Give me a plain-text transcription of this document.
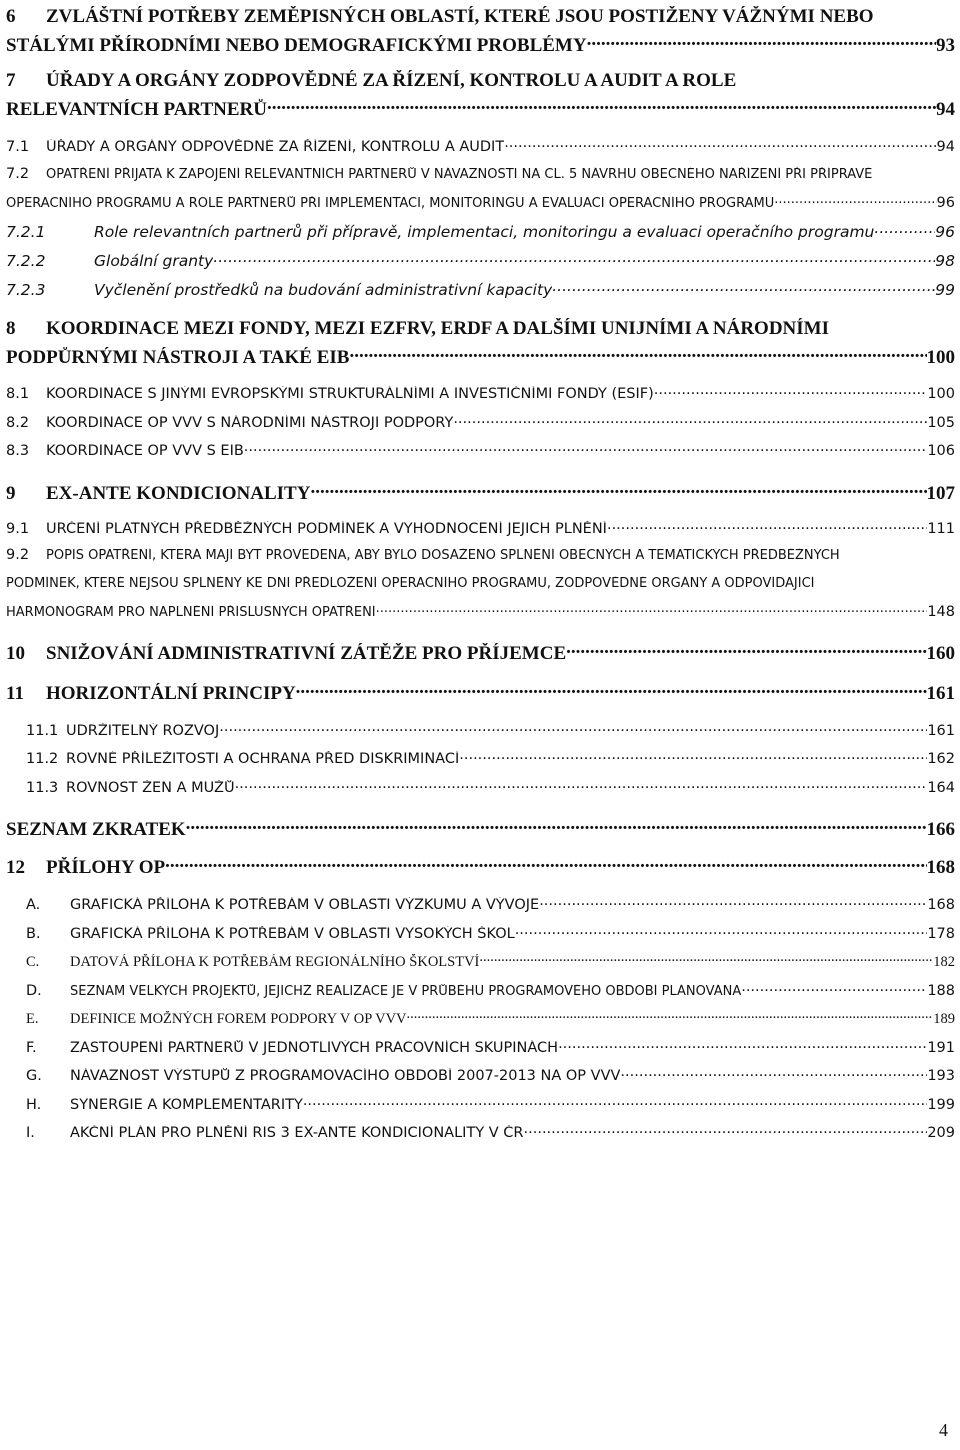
6	ZVLÁŠTNÍ POTŘEBY ZEMĚPISNÝCH OBLASTÍ, KTERÉ JSOU POSTIŽENY VÁŽNÝMI NEBO
STÁLÝMI PŘÍRODNÍMI NEBO DEMOGRAFICKÝMI PROBLÉMY .....	93
7	ÚŘADY A ORGÁNY ZODPOVĚDNÉ ZA ŘÍZENÍ, KONTROLU A AUDIT A ROLE
RELEVANTNÍCH PARTNERŮ .....	94
7.1	ÚŘADY A ORGÁNY ODPOVĚDNÉ ZA ŘÍZENÍ, KONTROLU A AUDIT .....	94
7.2	OPATŘENÍ PŘIJATÁ K ZAPOJENÍ RELEVANTNÍCH PARTNERŮ V NÁVAZNOSTI NA ČL. 5 NÁVRHU OBECNÉHO NAŘÍZENÍ PŘI PŘÍPRAVĚ
OPERAČNÍHO PROGRAMU A ROLE PARTNERŮ PŘI IMPLEMENTACI, MONITORINGU A EVALUACI OPERAČNÍHO PROGRAMU .....	96
7.2.1	Role relevantních partnerů při přípravě, implementaci, monitoringu a evaluaci operačního programu .....	96
7.2.2	Globální granty .....	98
7.2.3	Vyčlenění prostředků na budování administrativní kapacity .....	99
8	KOORDINACE MEZI FONDY, MEZI EZFRV, ERDF A DALŠÍMI UNIJNÍMI A NÁRODNÍMI
PODPŮRNÝMI NÁSTROJI A TAKÉ EIB .....	100
8.1	KOORDINACE S JINÝMI EVROPSKÝMI STRUKTURÁLNÍMI A INVESTIČNÍMI FONDY (ESIF) .....	100
8.2	KOORDINACE OP VVV S NÁRODNÍMI NÁSTROJI PODPORY .....	105
8.3	KOORDINACE OP VVV S EIB .....	106
9	EX-ANTE KONDICIONALITY .....	107
9.1	URČENÍ PLATNÝCH PŘEDBĚŽNÝCH PODMÍNEK A VYHODNOCENÍ JEJICH PLNĚNÍ .....	111
9.2	POPIS OPATŘENÍ, KTERÁ MAJÍ BÝT PROVEDENA, ABY BYLO DOSAŽENO SPLNĚNÍ OBECNÝCH A TEMATICKÝCH PŘEDBĚŽNÝCH
PODMÍNEK, KTERÉ NEJSOU SPLNĚNY KE DNI PŘEDLOŽENÍ OPERAČNÍHO PROGRAMU, ZODPOVĚDNÉ ORGÁNY A ODPOVÍDAJÍCÍ
HARMONOGRAM PRO NAPLNĚNÍ PŘÍSLUŠNÝCH OPATŘENÍ .....	148
10	SNIŽOVÁNÍ ADMINISTRATIVNÍ ZÁTĚŽE PRO PŘÍJEMCE .....	160
11	HORIZONTÁLNÍ PRINCIPY .....	161
11.1 UDRŽITELNÝ ROZVOJ .....	161
11.2 ROVNÉ PŘÍLEŽITOSTI A OCHRANA PŘED DISKRIMINACÍ .....	162
11.3 ROVNOST ŽEN A MUŽŮ .....	164
SEZNAM ZKRATEK .....	166
12	PŘÍLOHY OP .....	168
A.	GRAFICKÁ PŘÍLOHA K POTŘEBÁM V OBLASTI VÝZKUMU A VÝVOJE .....	168
B.	GRAFICKÁ PŘÍLOHA K POTŘEBÁM V OBLASTI VYSOKÝCH ŠKOL .....	178
C.	DATOVÁ PŘÍLOHA K POTŘEBÁM REGIONÁLNÍHO ŠKOLSTVÍ .....	182
D.	SEZNAM VELKÝCH PROJEKTŮ, JEJICHŽ REALIZACE JE V PRŮBĚHU PROGRAMOVÉHO OBDOBÍ PLÁNOVÁNA .....	188
E.	DEFINICE MOŽNÝCH FOREM PODPORY V OP VVV .....	189
F.	ZASTOUPENÍ PARTNERŮ V JEDNOTLIVÝCH PRACOVNÍCH SKUPINÁCH .....	191
G.	NÁVAZNOST VÝSTUPŮ Z PROGRAMOVACÍHO OBDOBÍ 2007-2013 NA OP VVV .....	193
H.	SYNERGIE A KOMPLEMENTARITY .....	199
I.	AKČNÍ PLÁN PRO PLNĚNÍ RIS 3 EX-ANTE KONDICIONALITY V ČR .....	209
4
